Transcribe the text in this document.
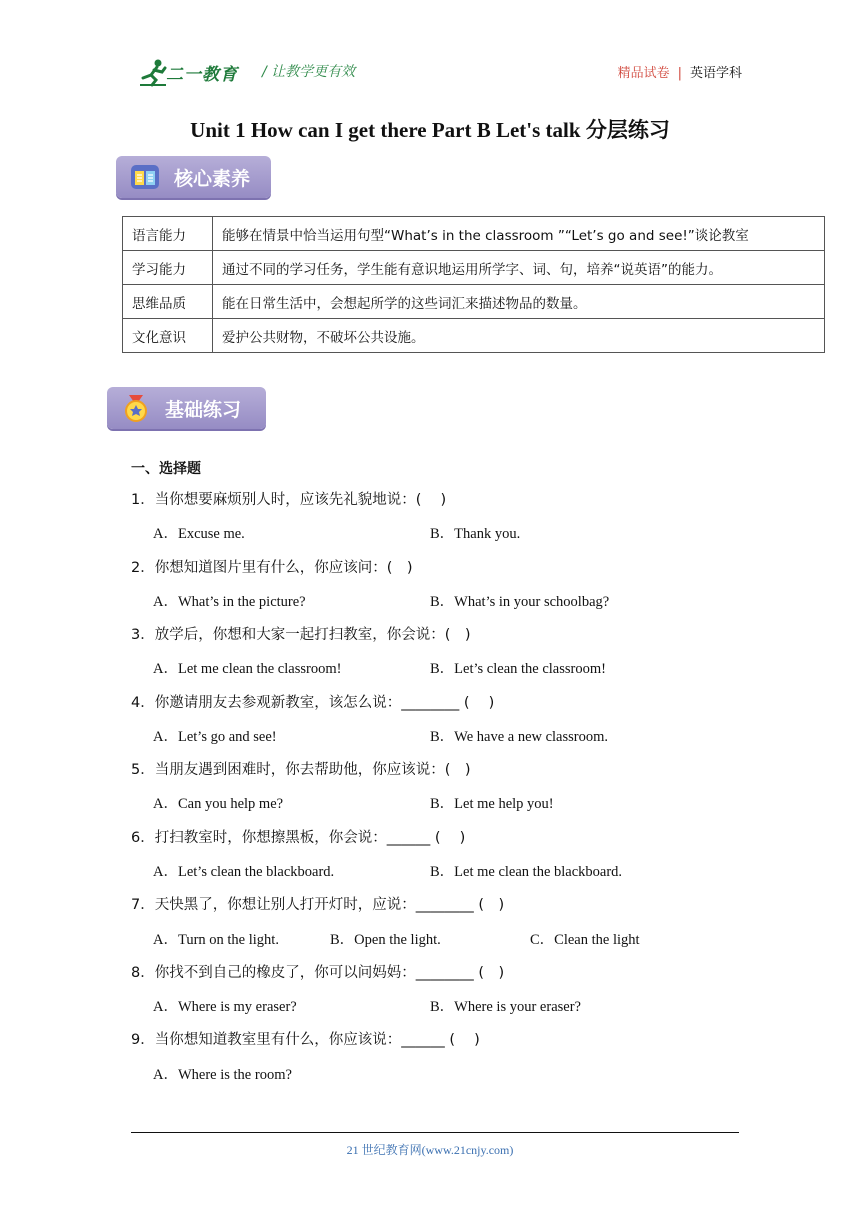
二一教育 / 让教学更有效	精品试卷 | 英语学科
Unit 1 How can I get there Part B Let's talk 分层练习
核心素养
语言能力	能够在情景中恰当运用句型“What’s in the classroom ”“Let’s go and see!”谈论教室
学习能力	通过不同的学习任务，学生能有意识地运用所学字、词、句，培养“说英语”的能力。
思维品质	能在日常生活中，会想起所学的这些词汇来描述物品的数量。
文化意识	爱护公共财物，不破坏公共设施。
基础练习
一、选择题
1．当你想要麻烦别人时，应该先礼貌地说：(　 )
A．Excuse me.	B．Thank you.
2．你想知道图片里有什么，你应该问：(　)
A．What’s in the picture?	B．What’s in your schoolbag?
3．放学后，你想和大家一起打扫教室，你会说：(　)
A．Let me clean the classroom!	B．Let’s clean the classroom!
4．你邀请朋友去参观新教室，该怎么说：________ (　 )
A．Let’s go and see!	B．We have a new classroom.
5．当朋友遇到困难时，你去帮助他，你应该说：(　)
A．Can you help me?	B．Let me help you!
6．打扫教室时，你想擦黑板，你会说：______ (　 )
A．Let’s clean the blackboard.	B．Let me clean the blackboard.
7．天快黑了，你想让别人打开灯时，应说：________ (　)
A．Turn on the light.	B．Open the light.	C．Clean the light
8．你找不到自己的橡皮了，你可以问妈妈：________ (　)
A．Where is my eraser?	B．Where is your eraser?
9．当你想知道教室里有什么，你应该说：______ (　 )
A．Where is the room?
21 世纪教育网(www.21cnjy.com)
